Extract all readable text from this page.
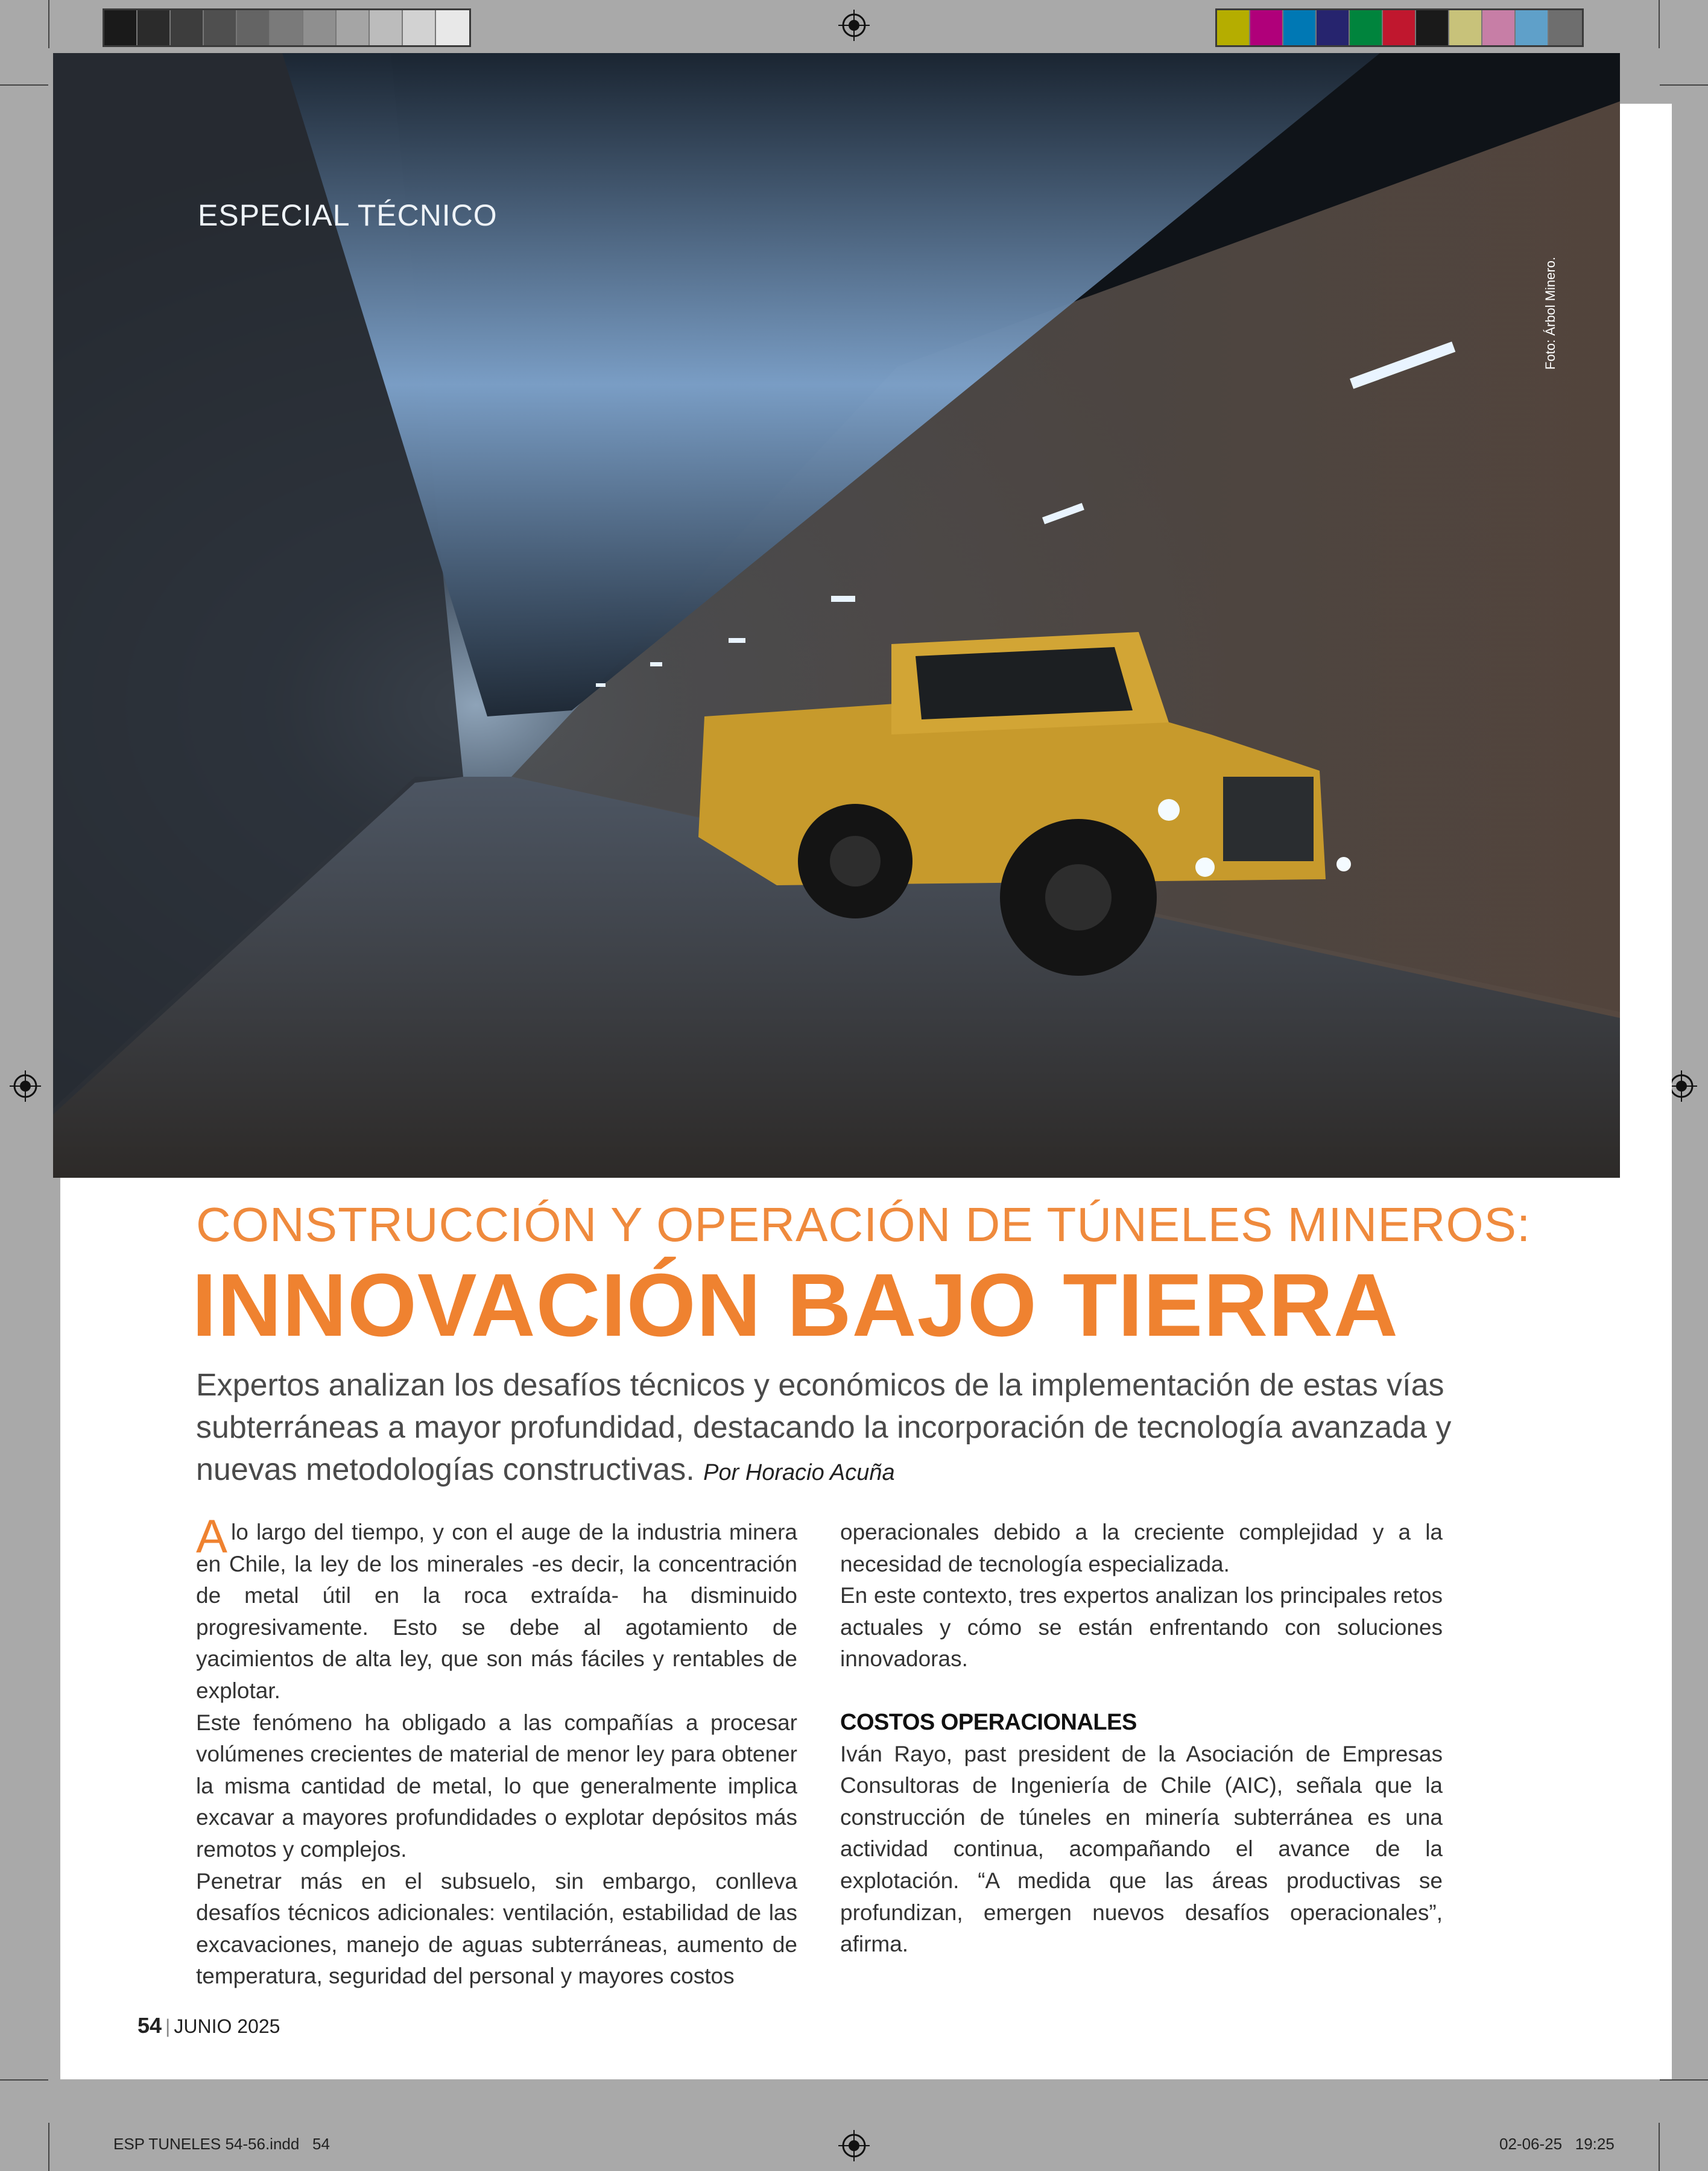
ESPECIAL TÉCNICO
Foto: Árbol Minero.
CONSTRUCCIÓN Y OPERACIÓN DE TÚNELES MINEROS:
INNOVACIÓN BAJO TIERRA
Expertos analizan los desafíos técnicos y económicos de la implementación de estas vías subterráneas a mayor profundidad, destacando la incorporación de tecnología avanzada y nuevas metodologías constructivas. Por Horacio Acuña

Alo largo del tiempo, y con el auge de la industria minera en Chile, la ley de los minerales -es decir, la concentración de metal útil en la roca extraída- ha disminuido progresivamente. Esto se debe al agotamiento de yacimientos de alta ley, que son más fáciles y rentables de explotar.

Este fenómeno ha obligado a las compañías a procesar volúmenes crecientes de material de menor ley para obtener la misma cantidad de metal, lo que generalmente implica excavar a mayores profundidades o explotar depósitos más remotos y complejos.

Penetrar más en el subsuelo, sin embargo, conlleva desafíos técnicos adicionales: ventilación, estabilidad de las excavaciones, manejo de aguas subterráneas, aumento de temperatura, seguridad del personal y mayores costos

operacionales debido a la creciente complejidad y a la necesidad de tecnología especializada.

En este contexto, tres expertos analizan los principales retos actuales y cómo se están enfrentando con soluciones innovadoras.

COSTOS OPERACIONALES

Iván Rayo, past president de la Asociación de Empresas Consultoras de Ingeniería de Chile (AIC), señala que la construcción de túneles en minería subterránea es una actividad continua, acompañando el avance de la explotación. “A medida que las áreas productivas se profundizan, emergen nuevos desafíos operacionales”, afirma.

54 | JUNIO 2025
ESP TUNELES 54-56.indd   54	02-06-25   19:25
